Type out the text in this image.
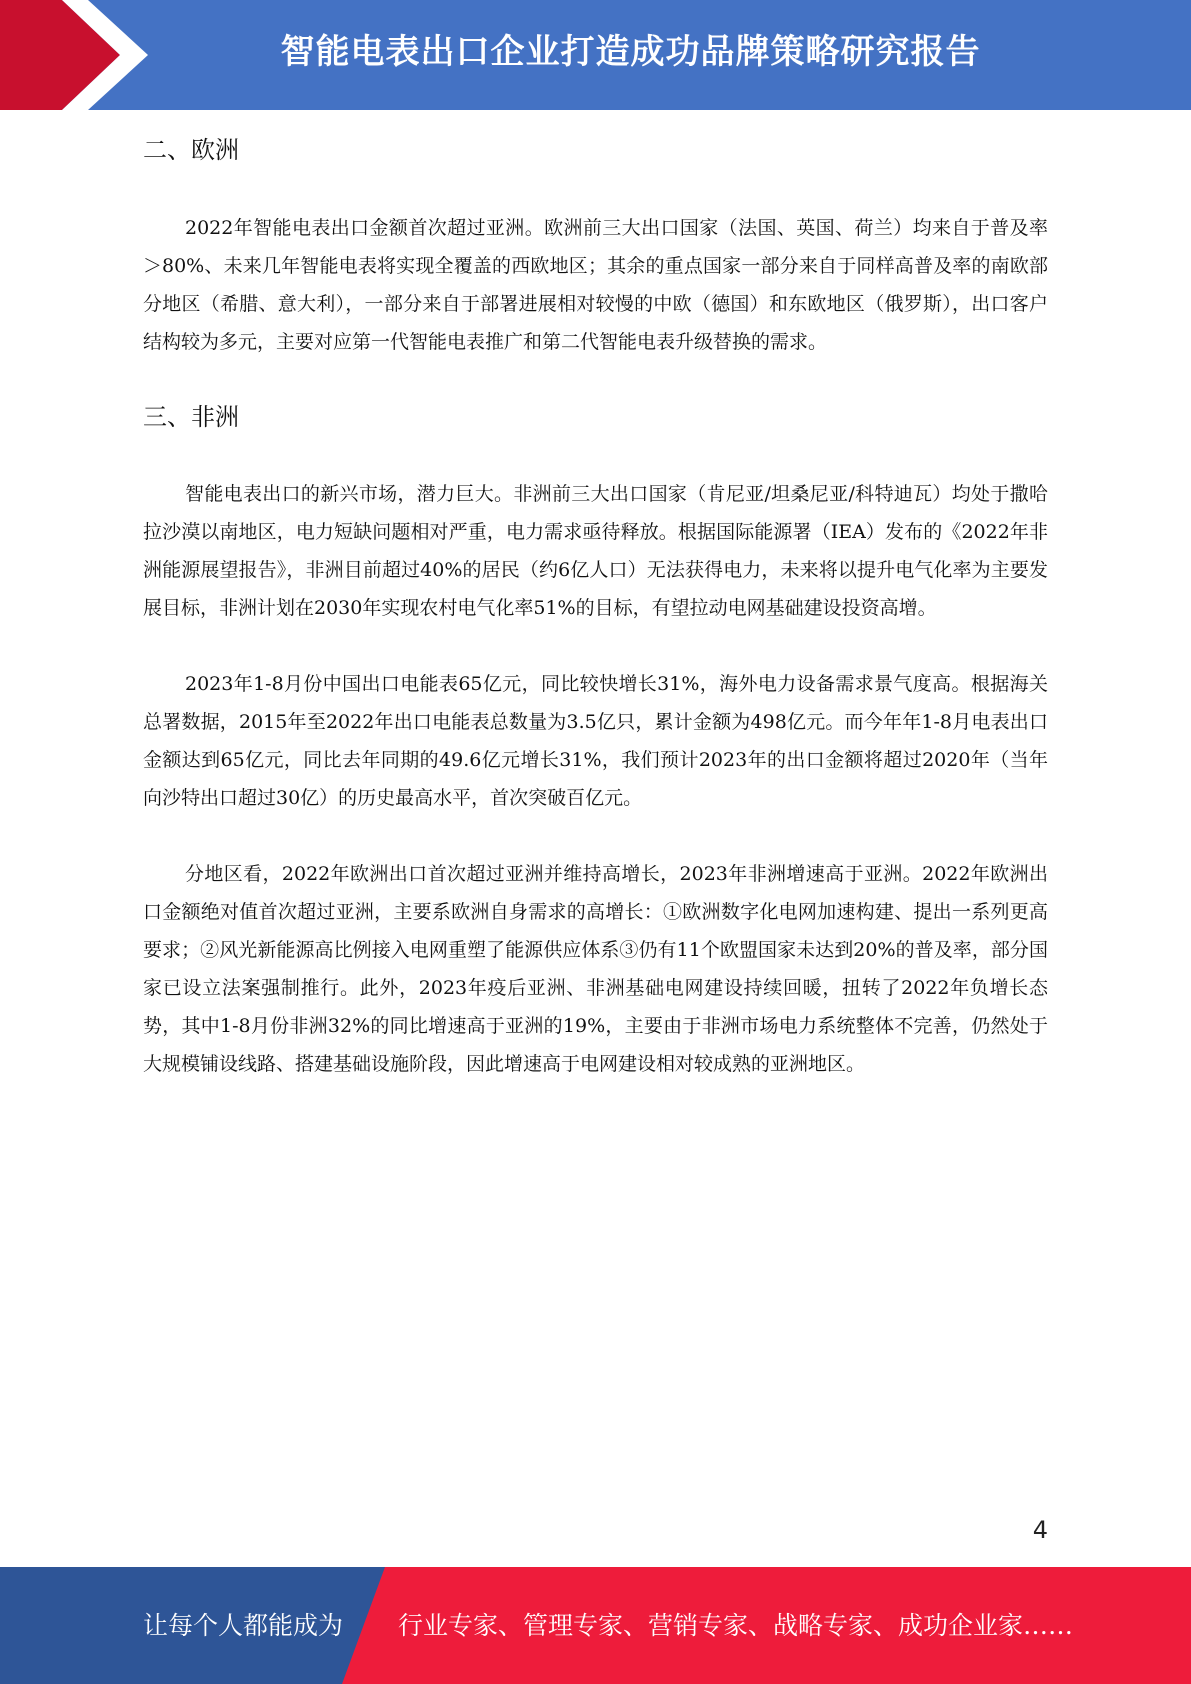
智能电表出口企业打造成功品牌策略研究报告
二、欧洲

2022年智能电表出口金额首次超过亚洲。欧洲前三大出口国家（法国、英国、荷兰）均来自于普及率＞80%、未来几年智能电表将实现全覆盖的西欧地区；其余的重点国家一部分来自于同样高普及率的南欧部分地区（希腊、意大利），一部分来自于部署进展相对较慢的中欧（德国）和东欧地区（俄罗斯），出口客户结构较为多元，主要对应第一代智能电表推广和第二代智能电表升级替换的需求。

三、非洲

智能电表出口的新兴市场，潜力巨大。非洲前三大出口国家（肯尼亚/坦桑尼亚/科特迪瓦）均处于撒哈拉沙漠以南地区，电力短缺问题相对严重，电力需求亟待释放。根据国际能源署（IEA）发布的《2022年非洲能源展望报告》，非洲目前超过40%的居民（约6亿人口）无法获得电力，未来将以提升电气化率为主要发展目标，非洲计划在2030年实现农村电气化率51%的目标，有望拉动电网基础建设投资高增。

2023年1-8月份中国出口电能表65亿元，同比较快增长31%，海外电力设备需求景气度高。根据海关总署数据，2015年至2022年出口电能表总数量为3.5亿只，累计金额为498亿元。而今年年1-8月电表出口金额达到65亿元，同比去年同期的49.6亿元增长31%，我们预计2023年的出口金额将超过2020年（当年向沙特出口超过30亿）的历史最高水平，首次突破百亿元。

分地区看，2022年欧洲出口首次超过亚洲并维持高增长，2023年非洲增速高于亚洲。2022年欧洲出口金额绝对值首次超过亚洲，主要系欧洲自身需求的高增长：①欧洲数字化电网加速构建、提出一系列更高要求；②风光新能源高比例接入电网重塑了能源供应体系③仍有11个欧盟国家未达到20%的普及率，部分国家已设立法案强制推行。此外，2023年疫后亚洲、非洲基础电网建设持续回暖，扭转了2022年负增长态势，其中1-8月份非洲32%的同比增速高于亚洲的19%，主要由于非洲市场电力系统整体不完善，仍然处于大规模铺设线路、搭建基础设施阶段，因此增速高于电网建设相对较成熟的亚洲地区。

4
让每个人都能成为 行业专家、管理专家、营销专家、战略专家、成功企业家……
